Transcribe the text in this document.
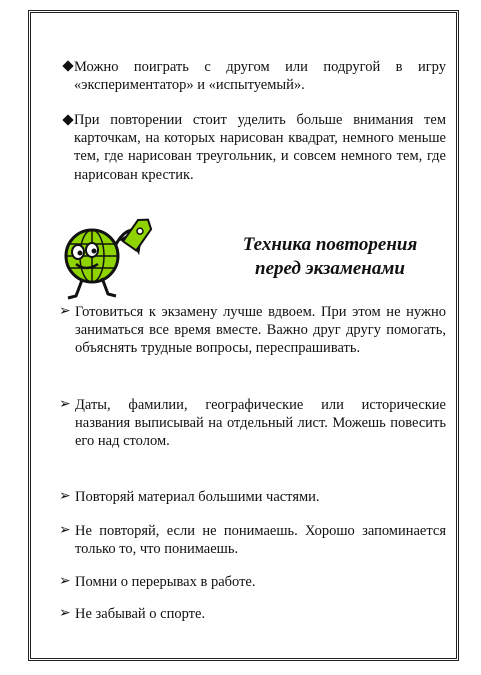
Можно поиграть с другом или подругой в игру «экспериментатор» и «испытуемый».
При повторении стоит уделить больше внимания тем карточкам, на которых нарисован квадрат, немного меньше тем, где нарисован треугольник, и совсем немного тем, где нарисован крестик.
Техника повторения
перед экзаменами
➢ Готовиться к экзамену лучше вдвоем. При этом не нужно заниматься все время вместе. Важно друг другу помогать, объяснять трудные вопросы, переспрашивать.
➢ Даты, фамилии, географические или исторические названия выписывай на отдельный лист. Можешь повесить его над столом.
➢ Повторяй материал большими частями.
➢ Не повторяй, если не понимаешь. Хорошо запоминается только то, что понимаешь.
➢ Помни о перерывах в работе.
➢ Не забывай о спорте.
